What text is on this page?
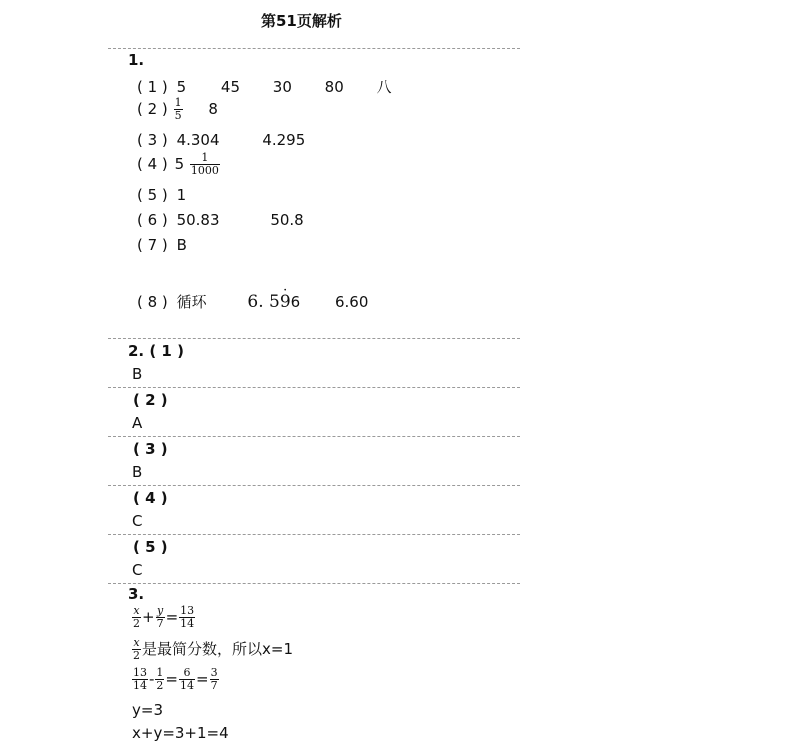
第51页解析
1.
( 1 ) 5 45 30 80 八
( 2 ) $\frac{1}{5} 8$
( 3 ) 4.304	4.295
( 4 ) $5 \frac{1}{1000}$
( 5 ) 1
( 6 ) 50.83	50.8
( 7 ) B
( 8 ) 循环 6. 5· 96 6.60
2. ( 1 )
B
( 2 )
A
( 3 )
B
( 4 )
C
( 5 )
C
3.
$\frac{x}{2} + \frac{y}{7} = \frac{13}{14}$
$\frac{x}{2}$ 是最简分数，所以x=1
$\frac{13}{14} - \frac{1}{2} = \frac{6}{14} = \frac{3}{7}$
y=3
x+y=3+1=4
